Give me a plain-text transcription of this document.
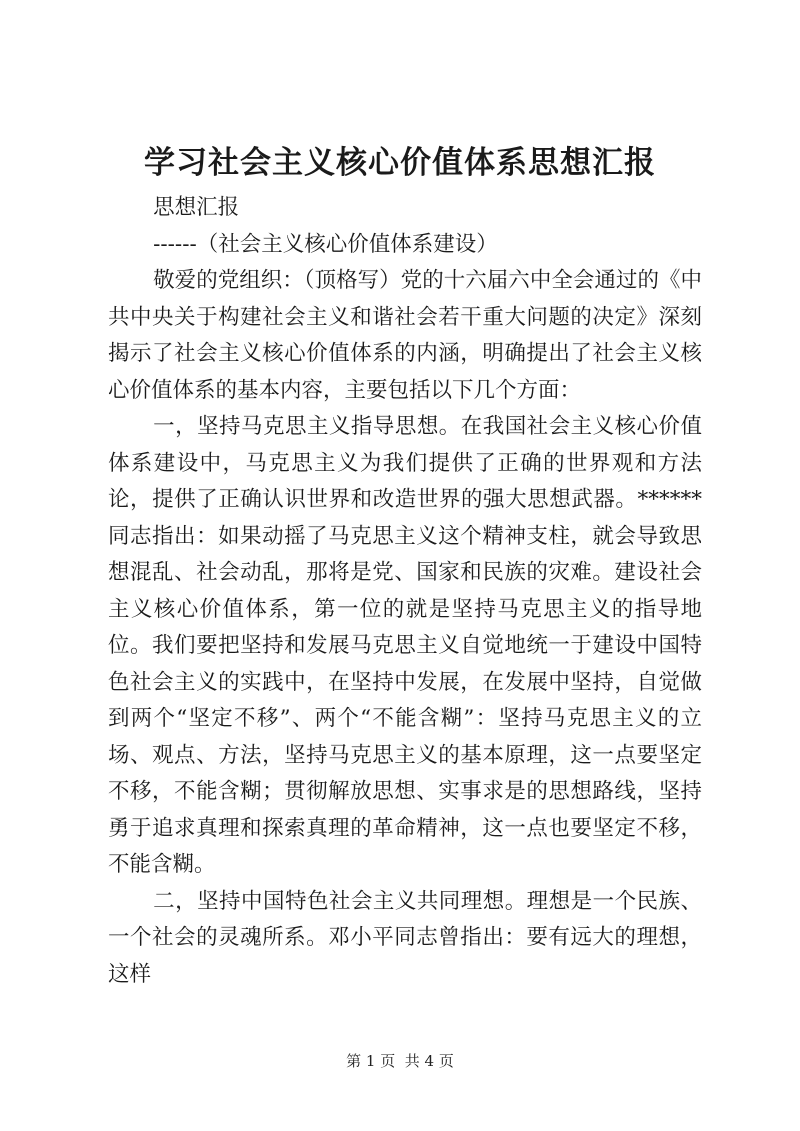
学习社会主义核心价值体系思想汇报

思想汇报

------（社会主义核心价值体系建设）

敬爱的党组织：（顶格写）党的十六届六中全会通过的《中共中央关于构建社会主义和谐社会若干重大问题的决定》深刻揭示了社会主义核心价值体系的内涵，明确提出了社会主义核心价值体系的基本内容，主要包括以下几个方面：

一，坚持马克思主义指导思想。在我国社会主义核心价值体系建设中，马克思主义为我们提供了正确的世界观和方法论，提供了正确认识世界和改造世界的强大思想武器。******同志指出：如果动摇了马克思主义这个精神支柱，就会导致思想混乱、社会动乱，那将是党、国家和民族的灾难。建设社会主义核心价值体系，第一位的就是坚持马克思主义的指导地位。我们要把坚持和发展马克思主义自觉地统一于建设中国特色社会主义的实践中，在坚持中发展，在发展中坚持，自觉做到两个“坚定不移”、两个“不能含糊”：坚持马克思主义的立场、观点、方法，坚持马克思主义的基本原理，这一点要坚定不移，不能含糊；贯彻解放思想、实事求是的思想路线，坚持勇于追求真理和探索真理的革命精神，这一点也要坚定不移，不能含糊。

二，坚持中国特色社会主义共同理想。理想是一个民族、一个社会的灵魂所系。邓小平同志曾指出：要有远大的理想，这样

第 1 页  共 4 页
